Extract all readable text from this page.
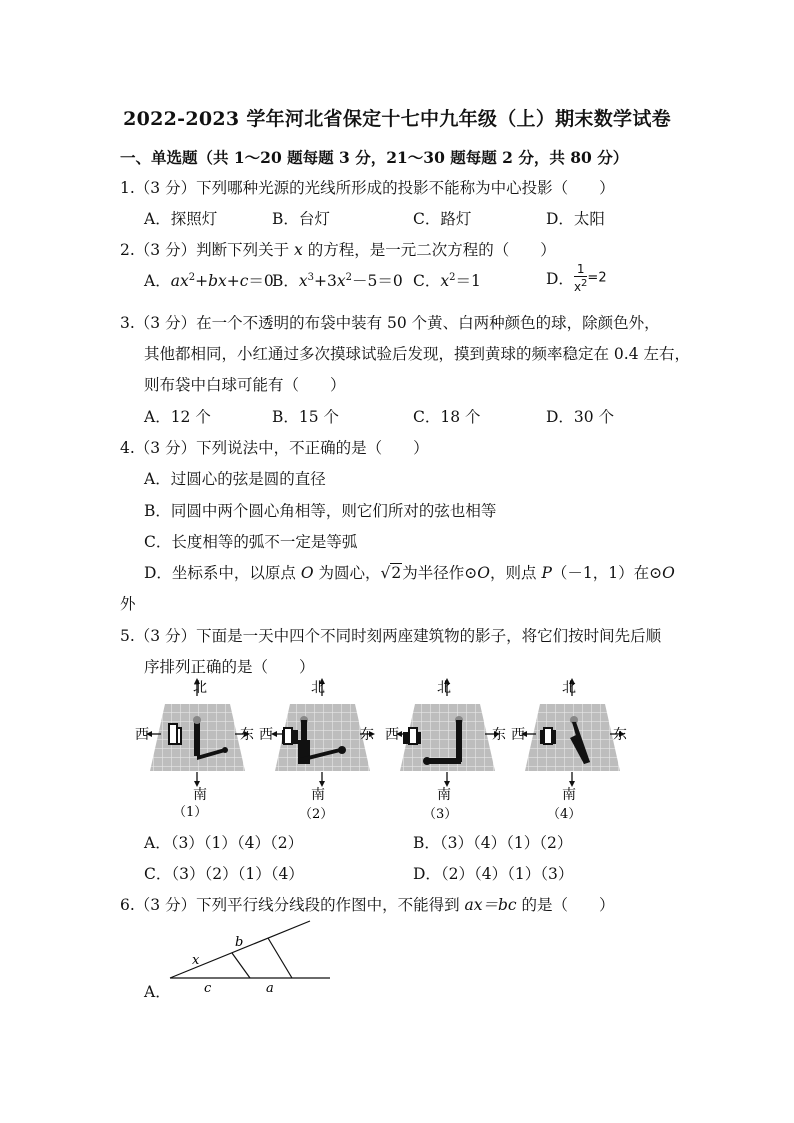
2022-2023 学年河北省保定十七中九年级（上）期末数学试卷
一、单选题（共 1～20 题每题 3 分，21～30 题每题 2 分，共 80 分）
1.（3 分）下列哪种光源的光线所形成的投影不能称为中心投影（　　）
A．探照灯	B．台灯	C．路灯	D．太阳
2.（3 分）判断下列关于 x 的方程，是一元二次方程的（　　）
A．$ax^2+bx+c=0$
B．$x^3+3x^2-5=0$ C．$x^2=1$	D． $\frac{1}{x^2} =2$
3.（3 分）在一个不透明的布袋中装有 50 个黄、白两种颜色的球，除颜色外，
其他都相同，小红通过多次摸球试验后发现，摸到黄球的频率稳定在 0.4 左右，
则布袋中白球可能有（　　）
A．12 个	B．15 个	C．18 个	D．30 个
4.（3 分）下列说法中，不正确的是（　　）
A．过圆心的弦是圆的直径
B．同圆中两个圆心角相等，则它们所对的弦也相等
C．长度相等的弧不一定是等弧
D．坐标系中，以原点 O 为圆心，√2为半径作⊙O，则点 P（－1，1）在⊙O
外
5.（3 分）下面是一天中四个不同时刻两座建筑物的影子，将它们按时间先后顺
序排列正确的是（　　）
北
南
西	东
北
南
西	东
北
南
西	东
北
南
西	东
（1）	（2）	（3）	（4）
A．（3）（1）（4）（2）	B．（3）（4）（1）（2）
C．（3）（2）（1）（4）	D．（2）（4）（1）（3）
6.（3 分）下列平行线分线段的作图中，不能得到 ax＝bc 的是（　　）
A．
x
b
c	a
